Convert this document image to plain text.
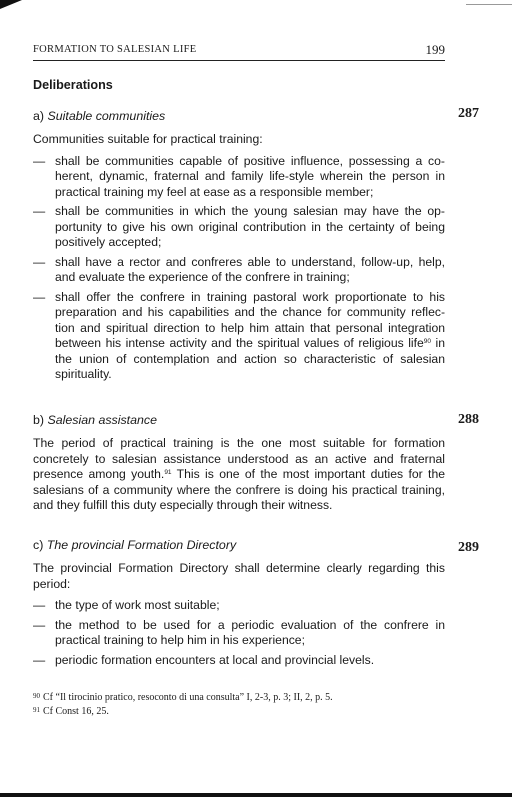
FORMATION TO SALESIAN LIFE	199
Deliberations
a) Suitable communities

Communities suitable for practical training:

— shall be communities capable of positive influence, possessing a co-herent, dynamic, fraternal and family life-style wherein the person in practical training my feel at ease as a responsible member;
— shall be communities in which the young salesian may have the op-portunity to give his own original contribution in the certainty of being positively accepted;
— shall have a rector and confreres able to understand, follow-up, help, and evaluate the experience of the confrere in training;
— shall offer the confrere in training pastoral work proportionate to his preparation and his capabilities and the chance for community reflec-tion and spiritual direction to help him attain that personal integration between his intense activity and the spiritual values of religious life$^{90}$ in the union of contemplation and action so characteristic of salesian spirituality.
b) Salesian assistance

The period of practical training is the one most suitable for formation concretely to salesian assistance understood as an active and fraternal presence among youth.$^{91}$ This is one of the most important duties for the salesians of a community where the confrere is doing his practical training, and they fulfill this duty especially through their witness.

c) The provincial Formation Directory

The provincial Formation Directory shall determine clearly regarding this period:

— the type of work most suitable;
— the method to be used for a periodic evaluation of the confrere in practical training to help him in his experience;
— periodic formation encounters at local and provincial levels.
287
288
289
$^{90}$ Cf “Il tirocinio pratico, resoconto di una consulta” I, 2-3, p. 3; II, 2, p. 5.
$^{91}$ Cf Const 16, 25.
